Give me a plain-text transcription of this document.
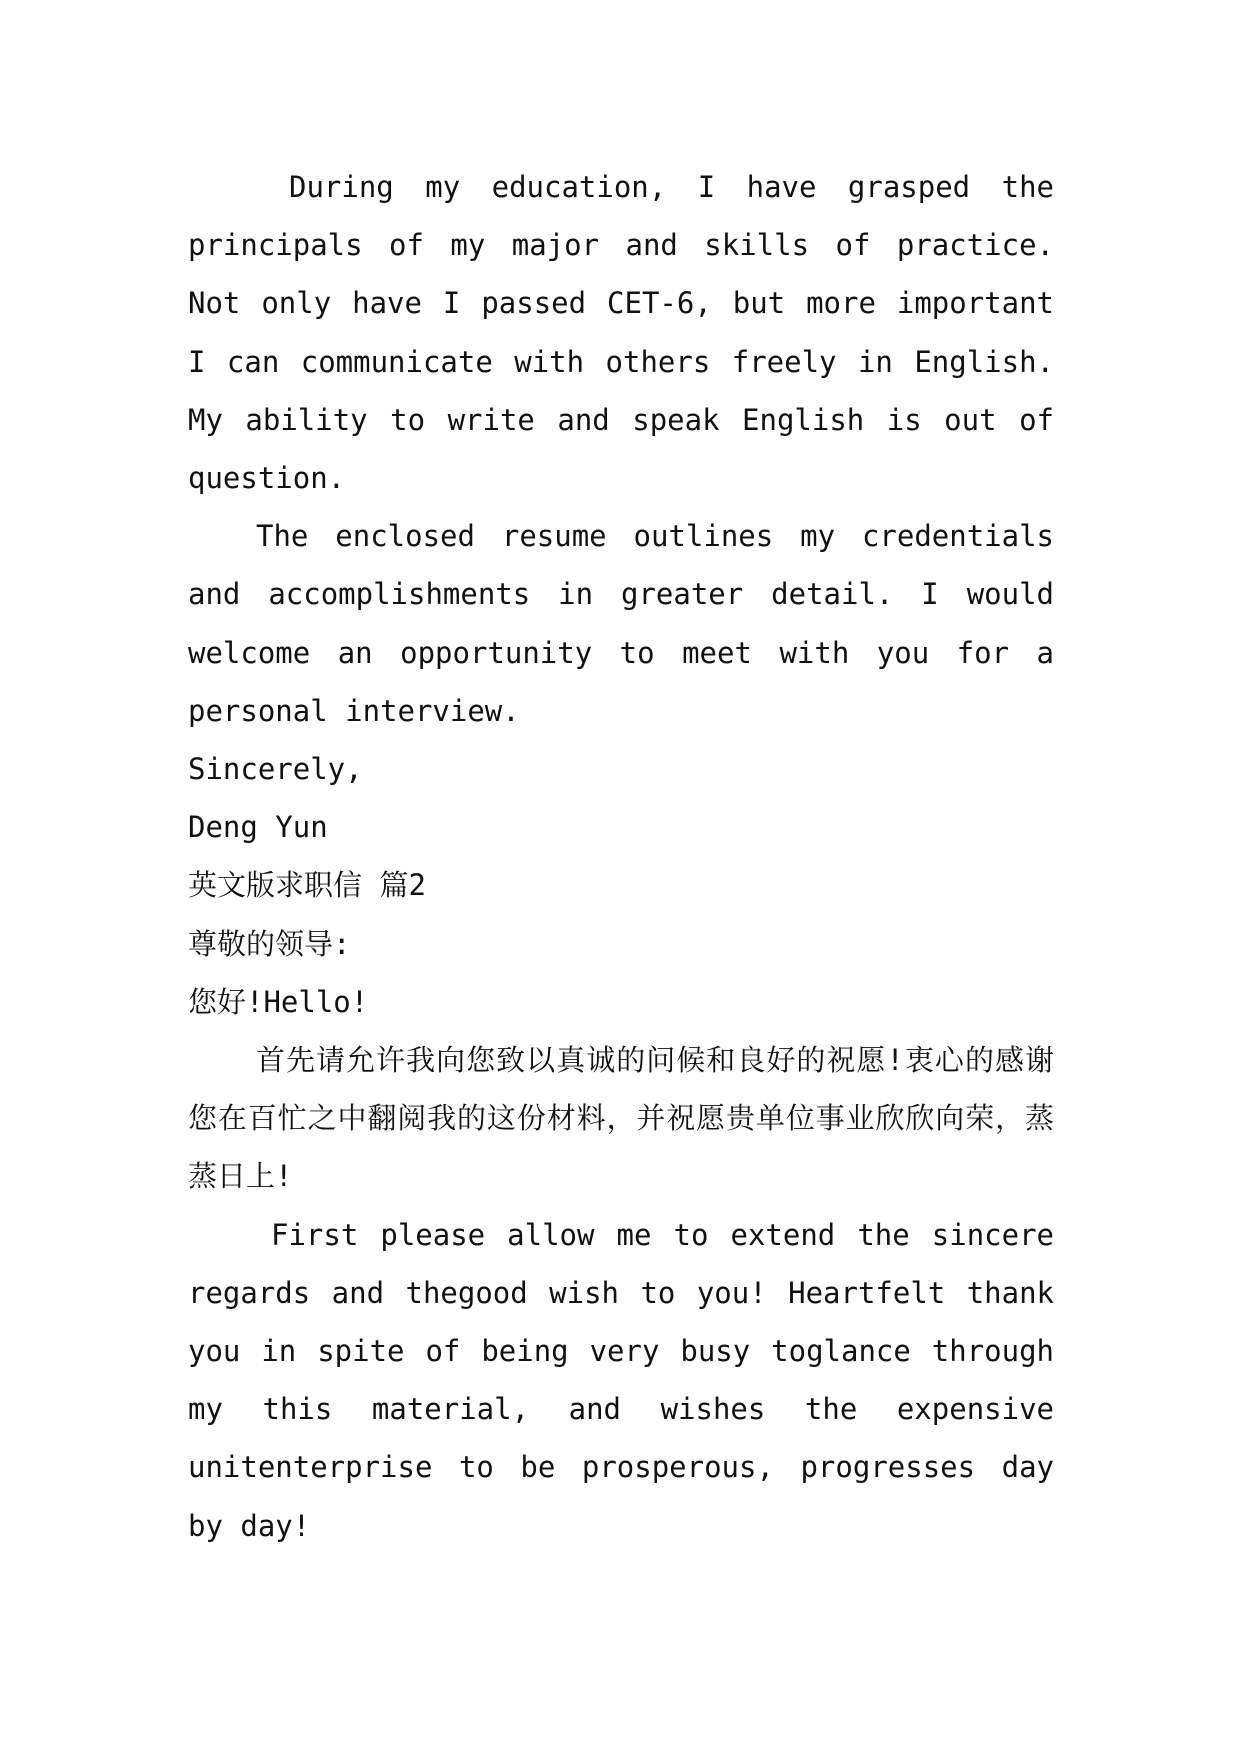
During my education, I have grasped the principals of my major and skills of practice. Not only have I passed CET-6, but more important I can communicate with others freely in English. My ability to write and speak English is out of question.

The enclosed resume outlines my credentials and accomplishments in greater detail. I would welcome an opportunity to meet with you for a personal interview.

Sincerely,

Deng Yun

英文版求职信 篇2

尊敬的领导:

您好!Hello!

首先请允许我向您致以真诚的问候和良好的祝愿!衷心的感谢您在百忙之中翻阅我的这份材料，并祝愿贵单位事业欣欣向荣，蒸蒸日上!

First please allow me to extend the sincere regards and thegood wish to you! Heartfelt thank you in spite of being very busy toglance through my this material, and wishes the expensive unitenterprise to be prosperous, progresses day by day!
